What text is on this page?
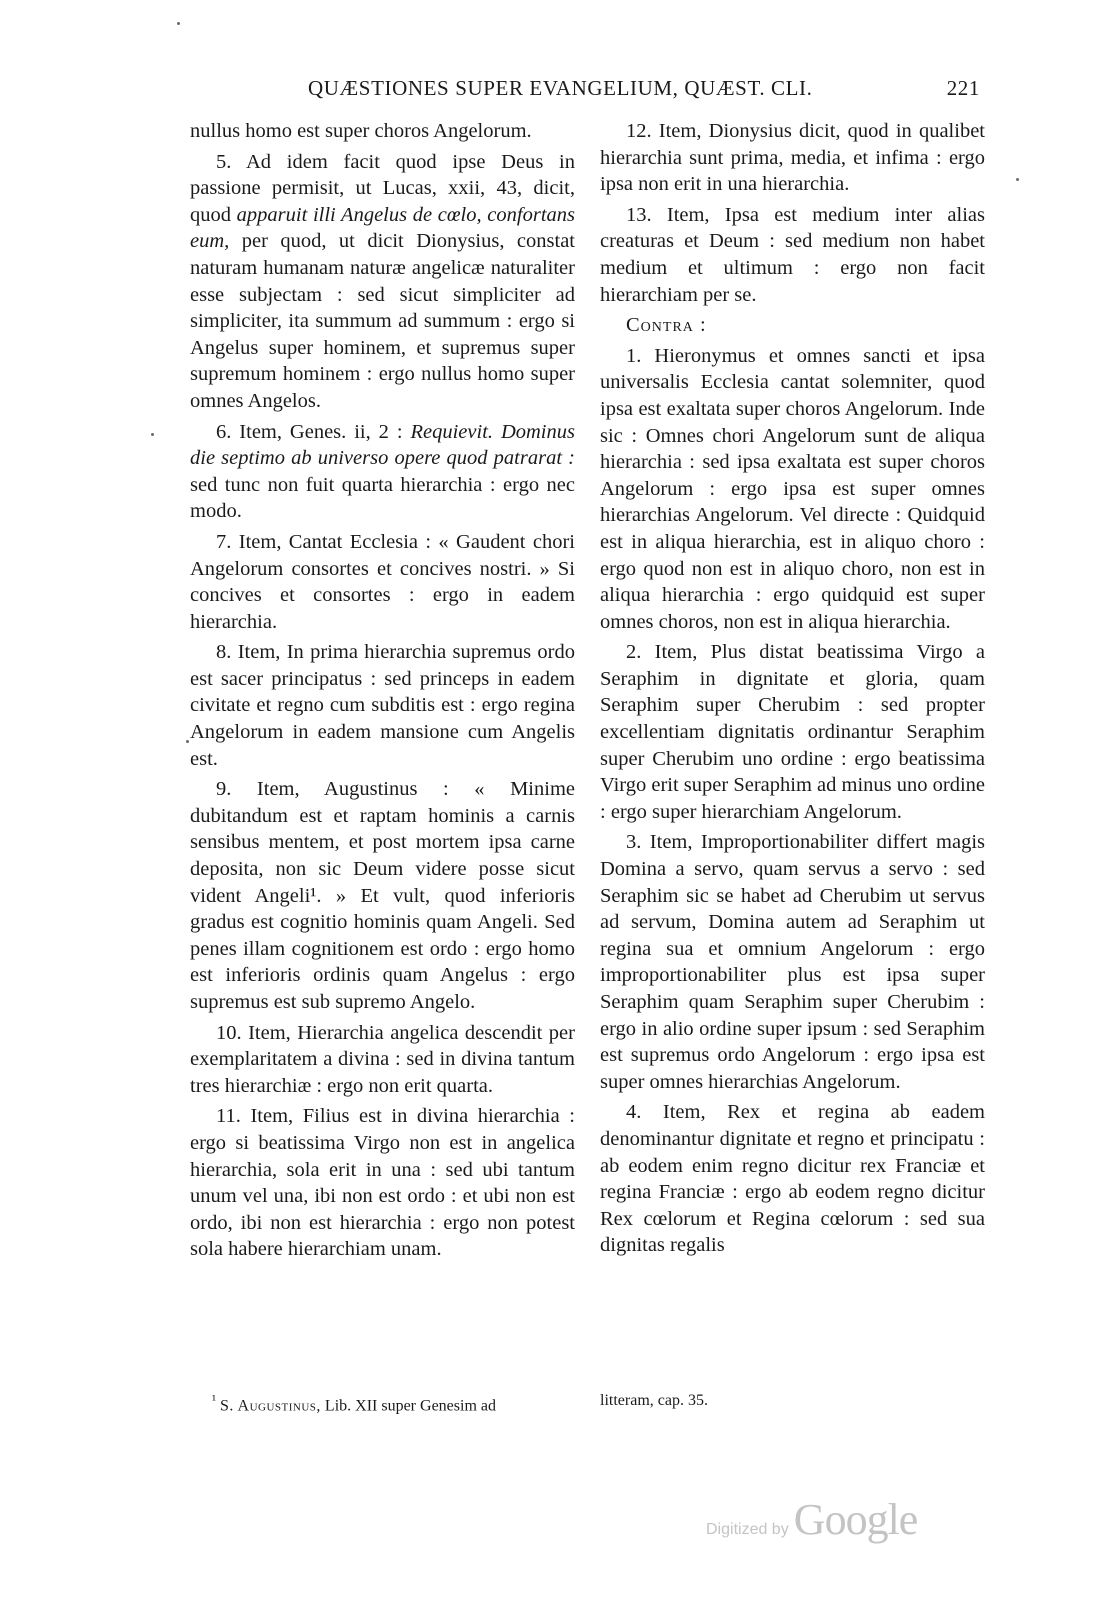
QUÆSTIONES SUPER EVANGELIUM, QUÆST. CLI.	221

nullus homo est super choros Angelorum.

5. Ad idem facit quod ipse Deus in passione permisit, ut Lucas, xxii, 43, dicit, quod apparuit illi Angelus de cœlo, confortans eum, per quod, ut dicit Dionysius, constat naturam humanam naturæ angelicæ naturaliter esse subjectam : sed sicut simpliciter ad simpliciter, ita summum ad summum : ergo si Angelus super hominem, et supremus super supremum hominem : ergo nullus homo super omnes Angelos.

6. Item, Genes. ii, 2 : Requievit. Dominus die septimo ab universo opere quod patrarat : sed tunc non fuit quarta hierarchia : ergo nec modo.

7. Item, Cantat Ecclesia : « Gaudent chori Angelorum consortes et concives nostri. » Si concives et consortes : ergo in eadem hierarchia.

8. Item, In prima hierarchia supremus ordo est sacer principatus : sed princeps in eadem civitate et regno cum subditis est : ergo regina Angelorum in eadem mansione cum Angelis est.

9. Item, Augustinus : « Minime dubitandum est et raptam hominis a carnis sensibus mentem, et post mortem ipsa carne deposita, non sic Deum videre posse sicut vident Angeli¹. » Et vult, quod inferioris gradus est cognitio hominis quam Angeli. Sed penes illam cognitionem est ordo : ergo homo est inferioris ordinis quam Angelus : ergo supremus est sub supremo Angelo.

10. Item, Hierarchia angelica descendit per exemplaritatem a divina : sed in divina tantum tres hierarchiæ : ergo non erit quarta.

11. Item, Filius est in divina hierarchia : ergo si beatissima Virgo non est in angelica hierarchia, sola erit in una : sed ubi tantum unum vel una, ibi non est ordo : et ubi non est ordo, ibi non est hierarchia : ergo non potest sola habere hierarchiam unam.

12. Item, Dionysius dicit, quod in qualibet hierarchia sunt prima, media, et infima : ergo ipsa non erit in una hierarchia.

13. Item, Ipsa est medium inter alias creaturas et Deum : sed medium non habet medium et ultimum : ergo non facit hierarchiam per se.

Contra :

1. Hieronymus et omnes sancti et ipsa universalis Ecclesia cantat solemniter, quod ipsa est exaltata super choros Angelorum. Inde sic : Omnes chori Angelorum sunt de aliqua hierarchia : sed ipsa exaltata est super choros Angelorum : ergo ipsa est super omnes hierarchias Angelorum. Vel directe : Quidquid est in aliqua hierarchia, est in aliquo choro : ergo quod non est in aliquo choro, non est in aliqua hierarchia : ergo quidquid est super omnes choros, non est in aliqua hierarchia.

2. Item, Plus distat beatissima Virgo a Seraphim in dignitate et gloria, quam Seraphim super Cherubim : sed propter excellentiam dignitatis ordinantur Seraphim super Cherubim uno ordine : ergo beatissima Virgo erit super Seraphim ad minus uno ordine : ergo super hierarchiam Angelorum.

3. Item, Improportionabiliter differt magis Domina a servo, quam servus a servo : sed Seraphim sic se habet ad Cherubim ut servus ad servum, Domina autem ad Seraphim ut regina sua et omnium Angelorum : ergo improportionabiliter plus est ipsa super Seraphim quam Seraphim super Cherubim : ergo in alio ordine super ipsum : sed Seraphim est supremus ordo Angelorum : ergo ipsa est super omnes hierarchias Angelorum.

4. Item, Rex et regina ab eadem denominantur dignitate et regno et principatu : ab eodem enim regno dicitur rex Franciæ et regina Franciæ : ergo ab eodem regno dicitur Rex cœlorum et Regina cœlorum : sed sua dignitas regalis

$^{^1}$ S. Augustinus, Lib. XII super Genesim ad	litteram, cap. 35.
Digitized by Google
